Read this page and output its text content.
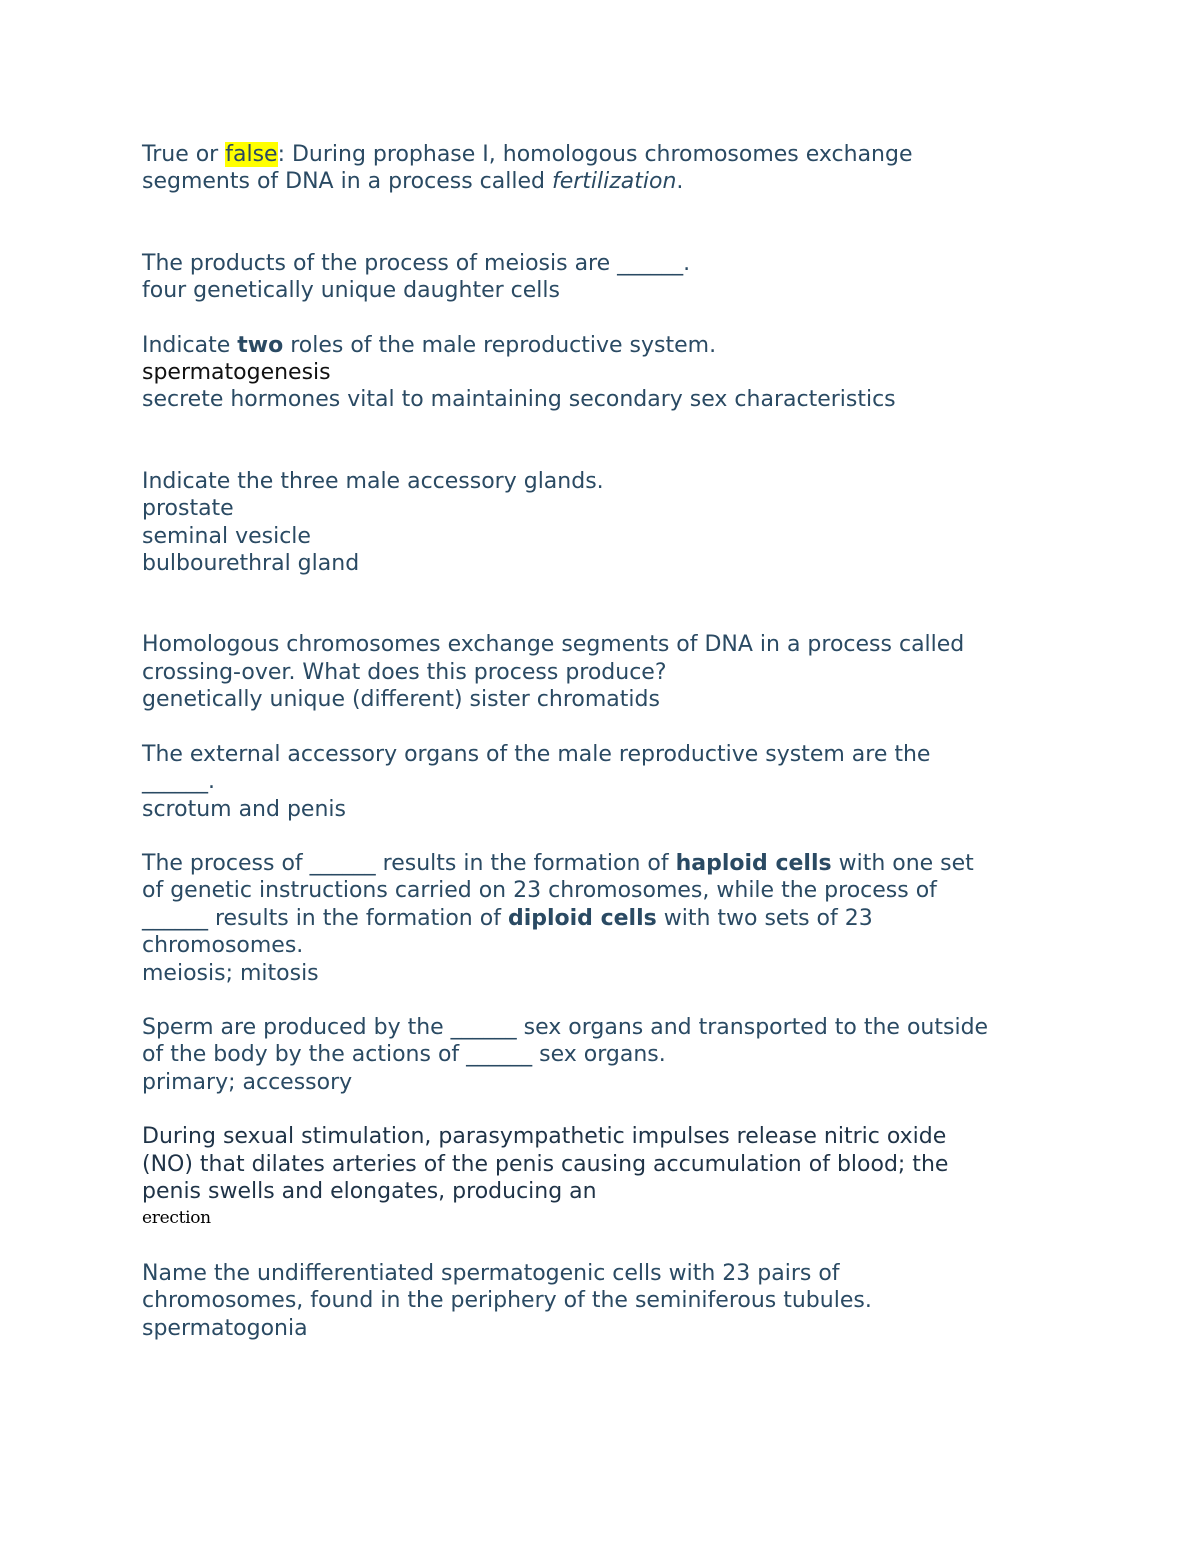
True or false: During prophase I, homologous chromosomes exchange
segments of DNA in a process called fertilization.
The products of the process of meiosis are ______.
four genetically unique daughter cells
Indicate two roles of the male reproductive system.
spermatogenesis
secrete hormones vital to maintaining secondary sex characteristics
Indicate the three male accessory glands.
prostate
seminal vesicle
bulbourethral gland
Homologous chromosomes exchange segments of DNA in a process called
crossing-over. What does this process produce?
genetically unique (different) sister chromatids
The external accessory organs of the male reproductive system are the
______.
scrotum and penis
The process of ______ results in the formation of haploid cells with one set
of genetic instructions carried on 23 chromosomes, while the process of
______ results in the formation of diploid cells with two sets of 23
chromosomes.
meiosis; mitosis
Sperm are produced by the ______ sex organs and transported to the outside
of the body by the actions of ______ sex organs.
primary; accessory
During sexual stimulation, parasympathetic impulses release nitric oxide
(NO) that dilates arteries of the penis causing accumulation of blood; the
penis swells and elongates, producing an
erection
Name the undifferentiated spermatogenic cells with 23 pairs of
chromosomes, found in the periphery of the seminiferous tubules.
spermatogonia
